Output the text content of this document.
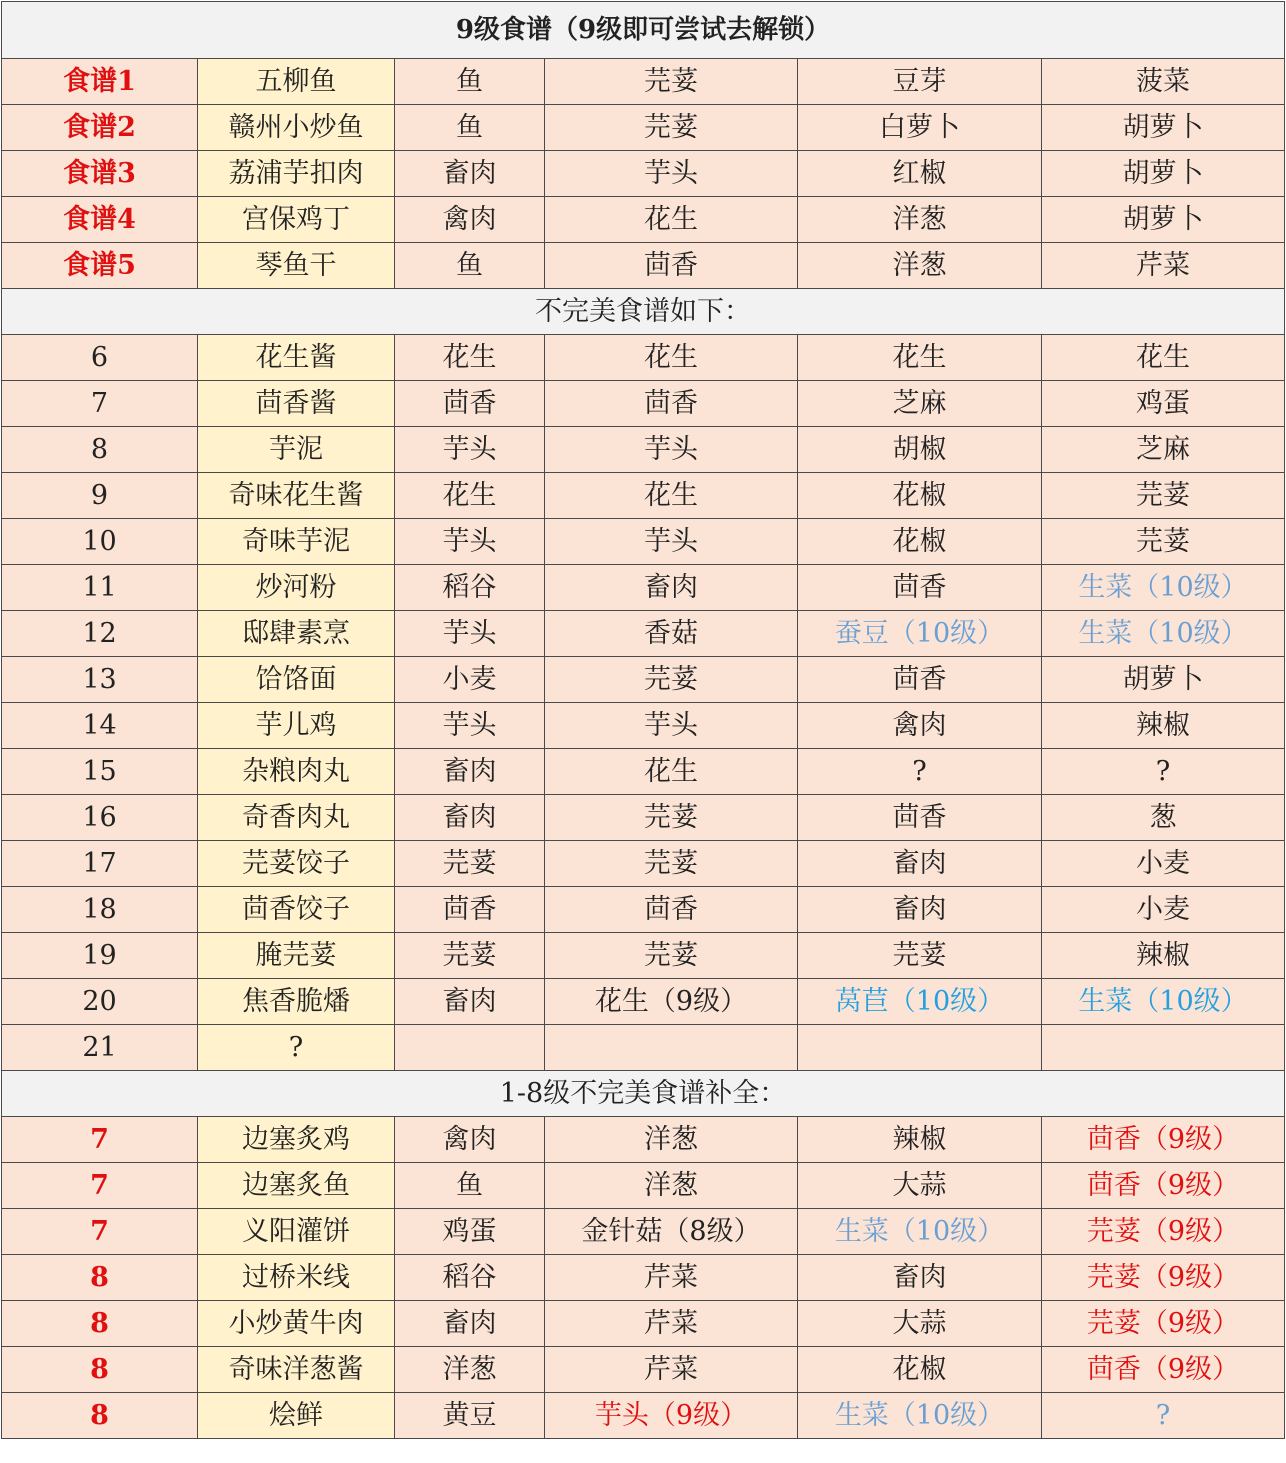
9级食谱（9级即可尝试去解锁）					
食谱1	五柳鱼	鱼	芫荽	豆芽	菠菜
食谱2	赣州小炒鱼	鱼	芫荽	白萝卜	胡萝卜
食谱3	荔浦芋扣肉	畜肉	芋头	红椒	胡萝卜
食谱4	宫保鸡丁	禽肉	花生	洋葱	胡萝卜
食谱5	琴鱼干	鱼	茴香	洋葱	芹菜
不完美食谱如下：					
6	花生酱	花生	花生	花生	花生
7	茴香酱	茴香	茴香	芝麻	鸡蛋
8	芋泥	芋头	芋头	胡椒	芝麻
9	奇味花生酱	花生	花生	花椒	芫荽
10	奇味芋泥	芋头	芋头	花椒	芫荽
11	炒河粉	稻谷	畜肉	茴香	生菜（10级）
12	邸肆素烹	芋头	香菇	蚕豆（10级）	生菜（10级）
13	饸饹面	小麦	芫荽	茴香	胡萝卜
14	芋儿鸡	芋头	芋头	禽肉	辣椒
15	杂粮肉丸	畜肉	花生	?	?
16	奇香肉丸	畜肉	芫荽	茴香	葱
17	芫荽饺子	芫荽	芫荽	畜肉	小麦
18	茴香饺子	茴香	茴香	畜肉	小麦
19	腌芫荽	芫荽	芫荽	芫荽	辣椒
20	焦香脆燔	畜肉	花生（9级）	莴苣（10级）	生菜（10级）
21	?				
1-8级不完美食谱补全：					
7	边塞炙鸡	禽肉	洋葱	辣椒	茴香（9级）
7	边塞炙鱼	鱼	洋葱	大蒜	茴香（9级）
7	义阳灌饼	鸡蛋	金针菇（8级）	生菜（10级）	芫荽（9级）
8	过桥米线	稻谷	芹菜	畜肉	芫荽（9级）
8	小炒黄牛肉	畜肉	芹菜	大蒜	芫荽（9级）
8	奇味洋葱酱	洋葱	芹菜	花椒	茴香（9级）
8	烩鲜	黄豆	芋头（9级）	生菜（10级）	?
